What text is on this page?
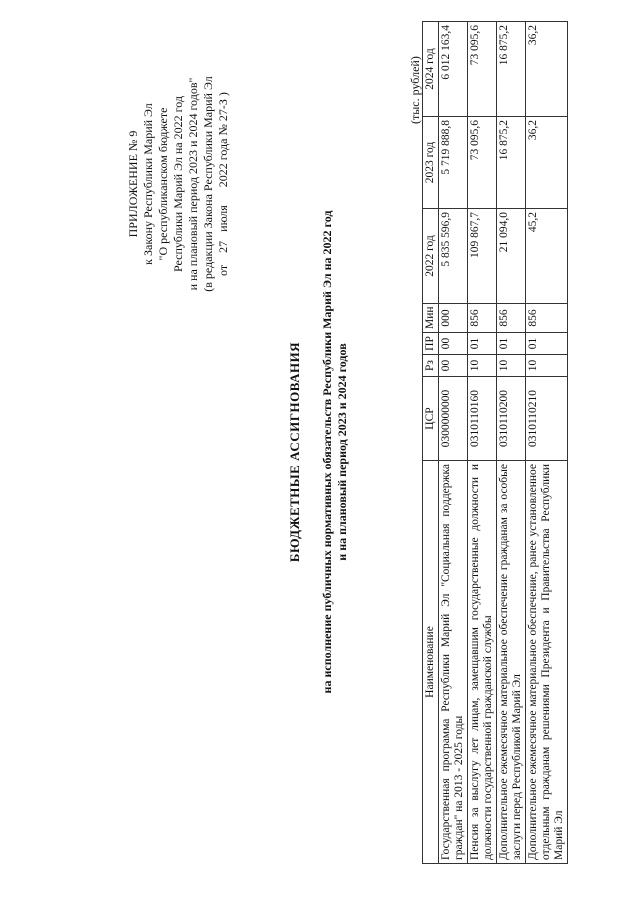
ПРИЛОЖЕНИЕ № 9 к Закону Республики Марий Эл "О республиканском бюджете Республики Марий Эл на 2022 год и на плановый период 2023 и 2024 годов" (в редакции Закона Республики Марий Эл от    27   июля      2022 года № 27-З )
БЮДЖЕТНЫЕ АССИГНОВАНИЯ на исполнение публичных нормативных обязательств Республики Марий Эл на 2022 год и на плановый период 2023 и 2024 годов
(тыс. рублей)
Наименование	ЦСР	Рз	ПР	Мин	2022 год	2023 год	2024 год
Государственная программа Республики Марий Эл "Социальная поддержка граждан" на 2013 - 2025 годы	0300000000	00	00	000	5 835 596,9	5 719 888,8	6 012 163,4
Пенсия за выслугу лет лицам, замещавшим государственные должности и должности государственной гражданской службы	0310110160	10	01	856	109 867,7	73 095,6	73 095,6
Дополнительное ежемесячное материальное обеспечение гражданам за особые заслуги перед Республикой Марий Эл	0310110200	10	01	856	21 094,0	16 875,2	16 875,2
Дополнительное ежемесячное материальное обеспечение, ранее установленное отдельным гражданам решениями Президента и Правительства Республики Марий Эл	0310110210	10	01	856	45,2	36,2	36,2
